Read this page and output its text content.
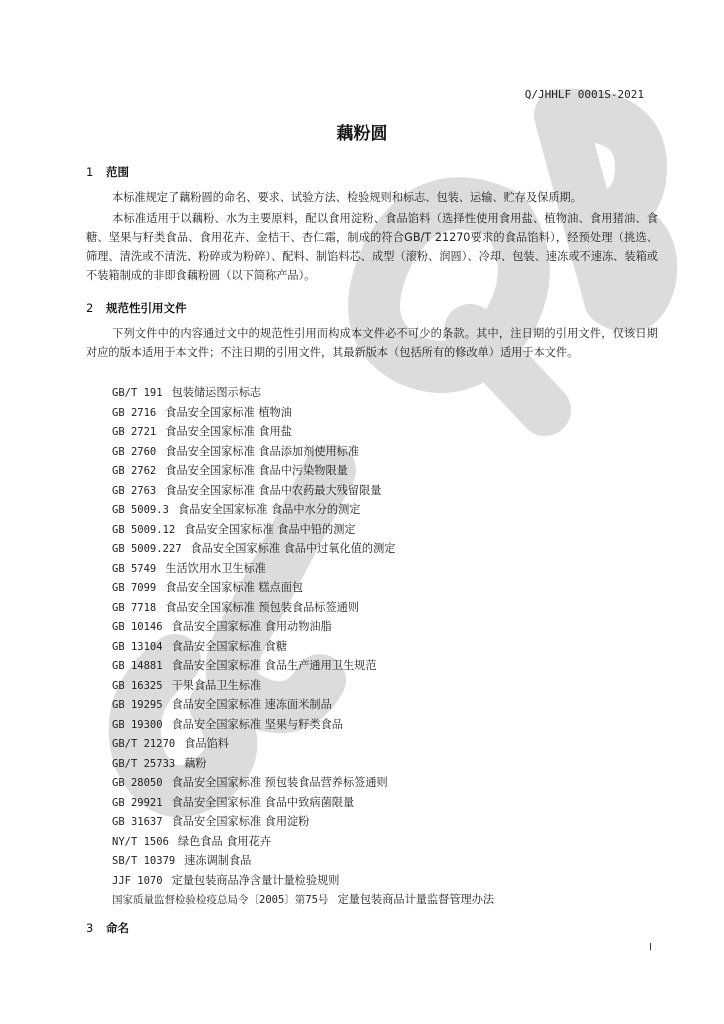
Q/JHHLF 0001S-2021
藕粉圆
1 范围
本标准规定了藕粉圆的命名、要求、试验方法、检验规则和标志、包装、运输、贮存及保质期。
本标准适用于以藕粉、水为主要原料，配以食用淀粉、食品馅料（选择性使用食用盐、植物油、食用猪油、食糖、坚果与籽类食品、食用花卉、金桔干、杏仁霜，制成的符合GB/T 21270要求的食品馅料），经预处理（挑选、筛理、清洗或不清洗、粉碎或为粉碎）、配料、制馅料芯、成型（滚粉、润圆）、冷却、包装、速冻或不速冻、装箱或不装箱制成的非即食藕粉圆（以下简称产品）。
2 规范性引用文件
下列文件中的内容通过文中的规范性引用而构成本文件必不可少的条款。其中，注日期的引用文件，仅该日期对应的版本适用于本文件；不注日期的引用文件，其最新版本（包括所有的修改单）适用于本文件。
GB/T 191 包装储运图示标志
GB 2716 食品安全国家标准 植物油
GB 2721 食品安全国家标准 食用盐
GB 2760 食品安全国家标准 食品添加剂使用标准
GB 2762 食品安全国家标准 食品中污染物限量
GB 2763 食品安全国家标准 食品中农药最大残留限量
GB 5009.3 食品安全国家标准 食品中水分的测定
GB 5009.12 食品安全国家标准 食品中铅的测定
GB 5009.227 食品安全国家标准 食品中过氧化值的测定
GB 5749 生活饮用水卫生标准
GB 7099 食品安全国家标准 糕点面包
GB 7718 食品安全国家标准 预包装食品标签通则
GB 10146 食品安全国家标准 食用动物油脂
GB 13104 食品安全国家标准 食糖
GB 14881 食品安全国家标准 食品生产通用卫生规范
GB 16325 干果食品卫生标准
GB 19295 食品安全国家标准 速冻面米制品
GB 19300 食品安全国家标准 坚果与籽类食品
GB/T 21270 食品馅料
GB/T 25733 藕粉
GB 28050 食品安全国家标准 预包装食品营养标签通则
GB 29921 食品安全国家标准 食品中致病菌限量
GB 31637 食品安全国家标准 食用淀粉
NY/T 1506 绿色食品 食用花卉
SB/T 10379 速冻调制食品
JJF 1070 定量包装商品净含量计量检验规则
国家质量监督检验检疫总局令〔2005〕第75号 定量包装商品计量监督管理办法
3 命名
I
